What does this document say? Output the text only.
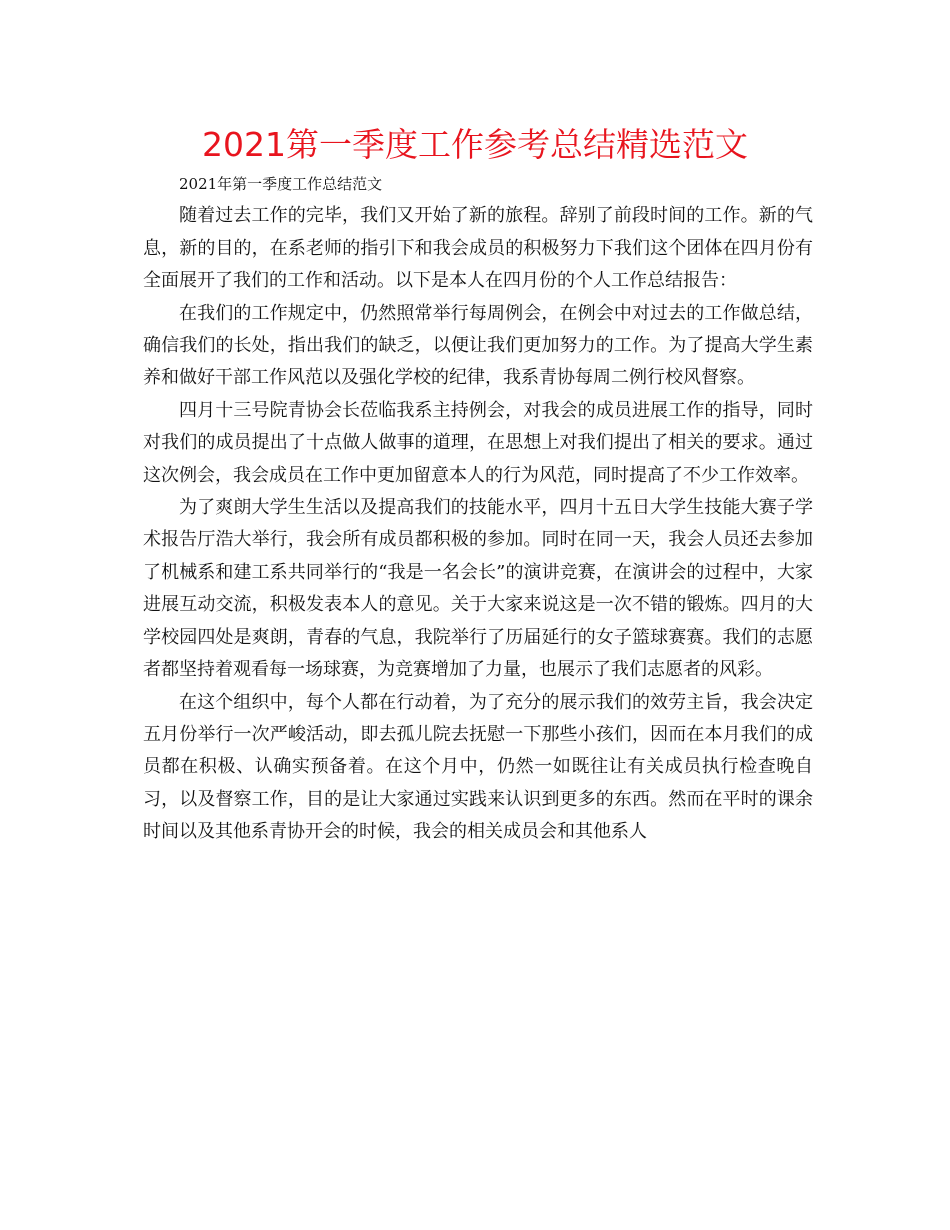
2021第一季度工作参考总结精选范文

2021年第一季度工作总结范文

随着过去工作的完毕，我们又开始了新的旅程。辞别了前段时间的工作。新的气息，新的目的，在系老师的指引下和我会成员的积极努力下我们这个团体在四月份有全面展开了我们的工作和活动。以下是本人在四月份的个人工作总结报告：

在我们的工作规定中，仍然照常举行每周例会，在例会中对过去的工作做总结，确信我们的长处，指出我们的缺乏，以便让我们更加努力的工作。为了提高大学生素养和做好干部工作风范以及强化学校的纪律，我系青协每周二例行校风督察。

四月十三号院青协会长莅临我系主持例会，对我会的成员进展工作的指导，同时对我们的成员提出了十点做人做事的道理，在思想上对我们提出了相关的要求。通过这次例会，我会成员在工作中更加留意本人的行为风范，同时提高了不少工作效率。

为了爽朗大学生生活以及提高我们的技能水平，四月十五日大学生技能大赛子学术报告厅浩大举行，我会所有成员都积极的参加。同时在同一天，我会人员还去参加了机械系和建工系共同举行的“我是一名会长”的演讲竞赛，在演讲会的过程中，大家进展互动交流，积极发表本人的意见。关于大家来说这是一次不错的锻炼。四月的大学校园四处是爽朗，青春的气息，我院举行了历届延行的女子篮球赛赛。我们的志愿者都坚持着观看每一场球赛，为竞赛增加了力量，也展示了我们志愿者的风彩。

在这个组织中，每个人都在行动着，为了充分的展示我们的效劳主旨，我会决定五月份举行一次严峻活动，即去孤儿院去抚慰一下那些小孩们，因而在本月我们的成员都在积极、认确实预备着。在这个月中，仍然一如既往让有关成员执行检查晚自习，以及督察工作，目的是让大家通过实践来认识到更多的东西。然而在平时的课余时间以及其他系青协开会的时候，我会的相关成员会和其他系人
